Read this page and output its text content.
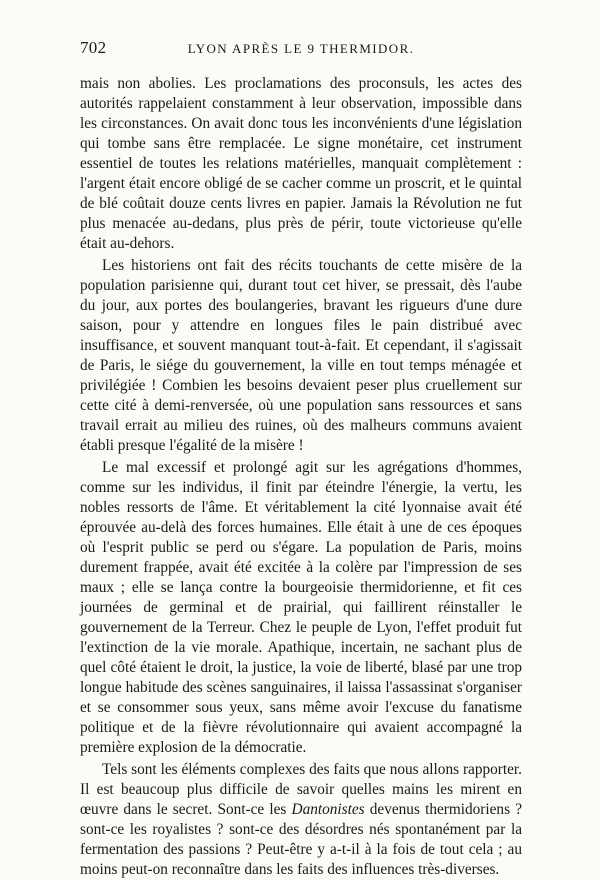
702	LYON APRÈS LE 9 THERMIDOR.

mais non abolies. Les proclamations des proconsuls, les actes des autorités rappelaient constamment à leur observation, impossible dans les circonstances. On avait donc tous les inconvénients d'une législation qui tombe sans être remplacée. Le signe monétaire, cet instrument essentiel de toutes les relations matérielles, manquait complètement : l'argent était encore obligé de se cacher comme un proscrit, et le quintal de blé coûtait douze cents livres en papier. Jamais la Révolution ne fut plus menacée au-dedans, plus près de périr, toute victorieuse qu'elle était au-dehors.

Les historiens ont fait des récits touchants de cette misère de la population parisienne qui, durant tout cet hiver, se pressait, dès l'aube du jour, aux portes des boulangeries, bravant les rigueurs d'une dure saison, pour y attendre en longues files le pain distribué avec insuffisance, et souvent manquant tout-à-fait. Et cependant, il s'agissait de Paris, le siége du gouvernement, la ville en tout temps ménagée et privilégiée ! Combien les besoins devaient peser plus cruellement sur cette cité à demi-renversée, où une population sans ressources et sans travail errait au milieu des ruines, où des malheurs communs avaient établi presque l'égalité de la misère !

Le mal excessif et prolongé agit sur les agrégations d'hommes, comme sur les individus, il finit par éteindre l'énergie, la vertu, les nobles ressorts de l'âme. Et véritablement la cité lyonnaise avait été éprouvée au-delà des forces humaines. Elle était à une de ces époques où l'esprit public se perd ou s'égare. La population de Paris, moins durement frappée, avait été excitée à la colère par l'impression de ses maux ; elle se lança contre la bourgeoisie thermidorienne, et fit ces journées de germinal et de prairial, qui faillirent réinstaller le gouvernement de la Terreur. Chez le peuple de Lyon, l'effet produit fut l'extinction de la vie morale. Apathique, incertain, ne sachant plus de quel côté étaient le droit, la justice, la voie de liberté, blasé par une trop longue habitude des scènes sanguinaires, il laissa l'assassinat s'organiser et se consommer sous yeux, sans même avoir l'excuse du fanatisme politique et de la fièvre révolutionnaire qui avaient accompagné la première explosion de la démocratie.

Tels sont les éléments complexes des faits que nous allons rapporter. Il est beaucoup plus difficile de savoir quelles mains les mirent en œuvre dans le secret. Sont-ce les Dantonistes devenus thermidoriens ? sont-ce les royalistes ? sont-ce des désordres nés spontanément par la fermentation des passions ? Peut-être y a-t-il à la fois de tout cela ; au moins peut-on reconnaître dans les faits des influences très-diverses.
